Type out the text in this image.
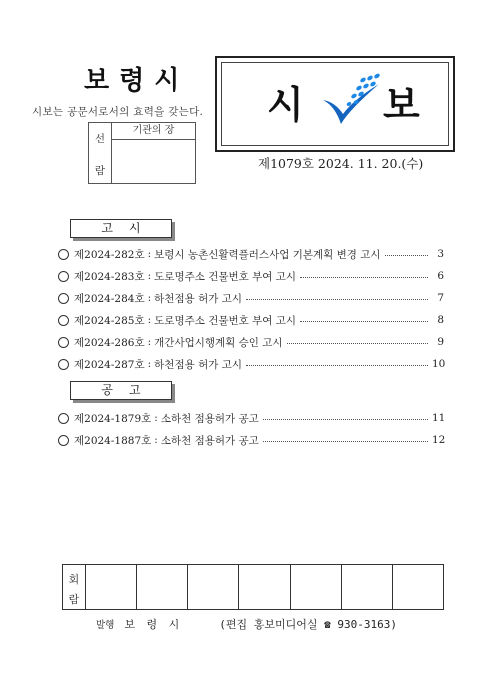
보령시
시보는 공문서로서의 효력을 갖는다.
선
람
기관의 장
시 보
제1079호 2024. 11. 20.(수)
고시
제2024-282호 : 보령시 농촌신활력플러스사업 기본계획 변경 고시	3
제2024-283호 : 도로명주소 건물번호 부여 고시	6
제2024-284호 : 하천점용 허가 고시	7
제2024-285호 : 도로명주소 건물번호 부여 고시	8
제2024-286호 : 개간사업시행계획 승인 고시	9
제2024-287호 : 하천점용 허가 고시	10
공고
제2024-1879호 : 소하천 점용허가 공고	11
제2024-1887호 : 소하천 점용허가 공고	12
회
람
발행 보 령 시	(편집 홍보미디어실 ☎ 930-3163)
